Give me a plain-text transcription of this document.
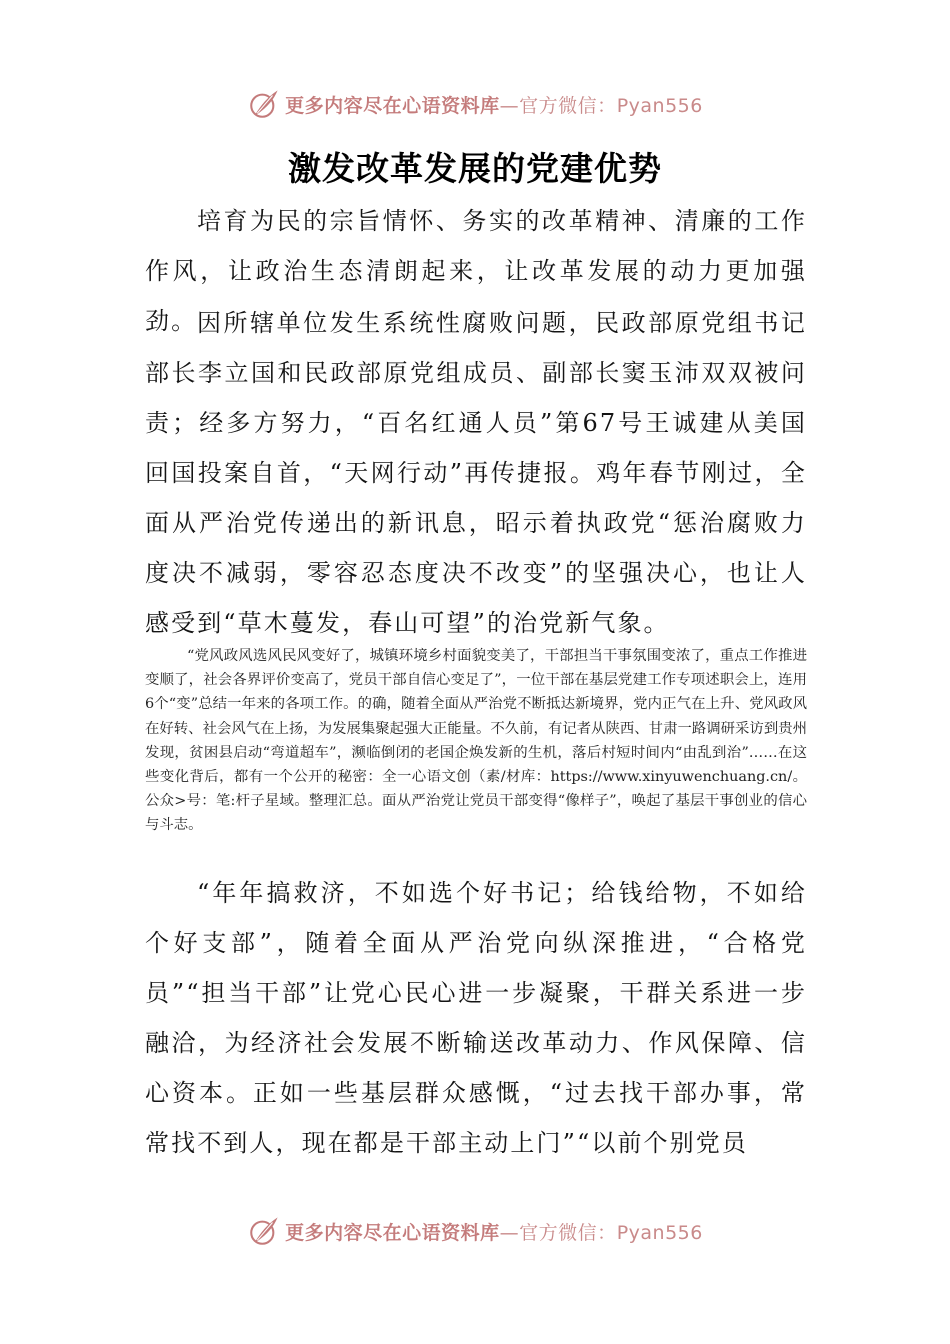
更多内容尽在心语资料库—官方微信：Pyan556
激发改革发展的党建优势

培育为民的宗旨情怀、务实的改革精神、清廉的工作作风，让政治生态清朗起来，让改革发展的动力更加强劲。 因所辖单位发生系统性腐败问题，民政部原党组书记部长李立国和民政部原党组成员、副部长窦玉沛双双被问责；经多方努力，“百名红通人员”第67号王诚建从美国回国投案自首，“天网行动”再传捷报。鸡年春节刚过，全面从严治党传递出的新讯息，昭示着执政党“惩治腐败力度决不减弱，零容忍态度决不改变”的坚强决心，也让人感受到“草木蔓发，春山可望”的治党新气象。

“党风政风选风民风变好了，城镇环境乡村面貌变美了，干部担当干事氛围变浓了，重点工作推进变顺了，社会各界评价变高了，党员干部自信心变足了”，一位干部在基层党建工作专项述职会上，连用6个“变”总结一年来的各项工作。的确，随着全面从严治党不断抵达新境界，党内正气在上升、党风政风在好转、社会风气在上扬，为发展集聚起强大正能量。不久前，有记者从陕西、甘肃一路调研采访到贵州发现，贫困县启动“弯道超车”，濒临倒闭的老国企焕发新的生机，落后村短时间内“由乱到治”……在这些变化背后，都有一个公开的秘密：全一心语文创（素/材库：https://www.xinyuwenchuang.cn/。公众>号：笔:杆子星域。整理汇总。面从严治党让党员干部变得“像样子”，唤起了基层干事创业的信心与斗志。

“年年搞救济，不如选个好书记；给钱给物，不如给个好支部”，随着全面从严治党向纵深推进，“合格党员”“担当干部”让党心民心进一步凝聚，干群关系进一步融洽，为经济社会发展不断输送改革动力、作风保障、信心资本。正如一些基层群众感慨，“过去找干部办事，常常找不到人，现在都是干部主动上门”“以前个别党员

更多内容尽在心语资料库—官方微信：Pyan556
